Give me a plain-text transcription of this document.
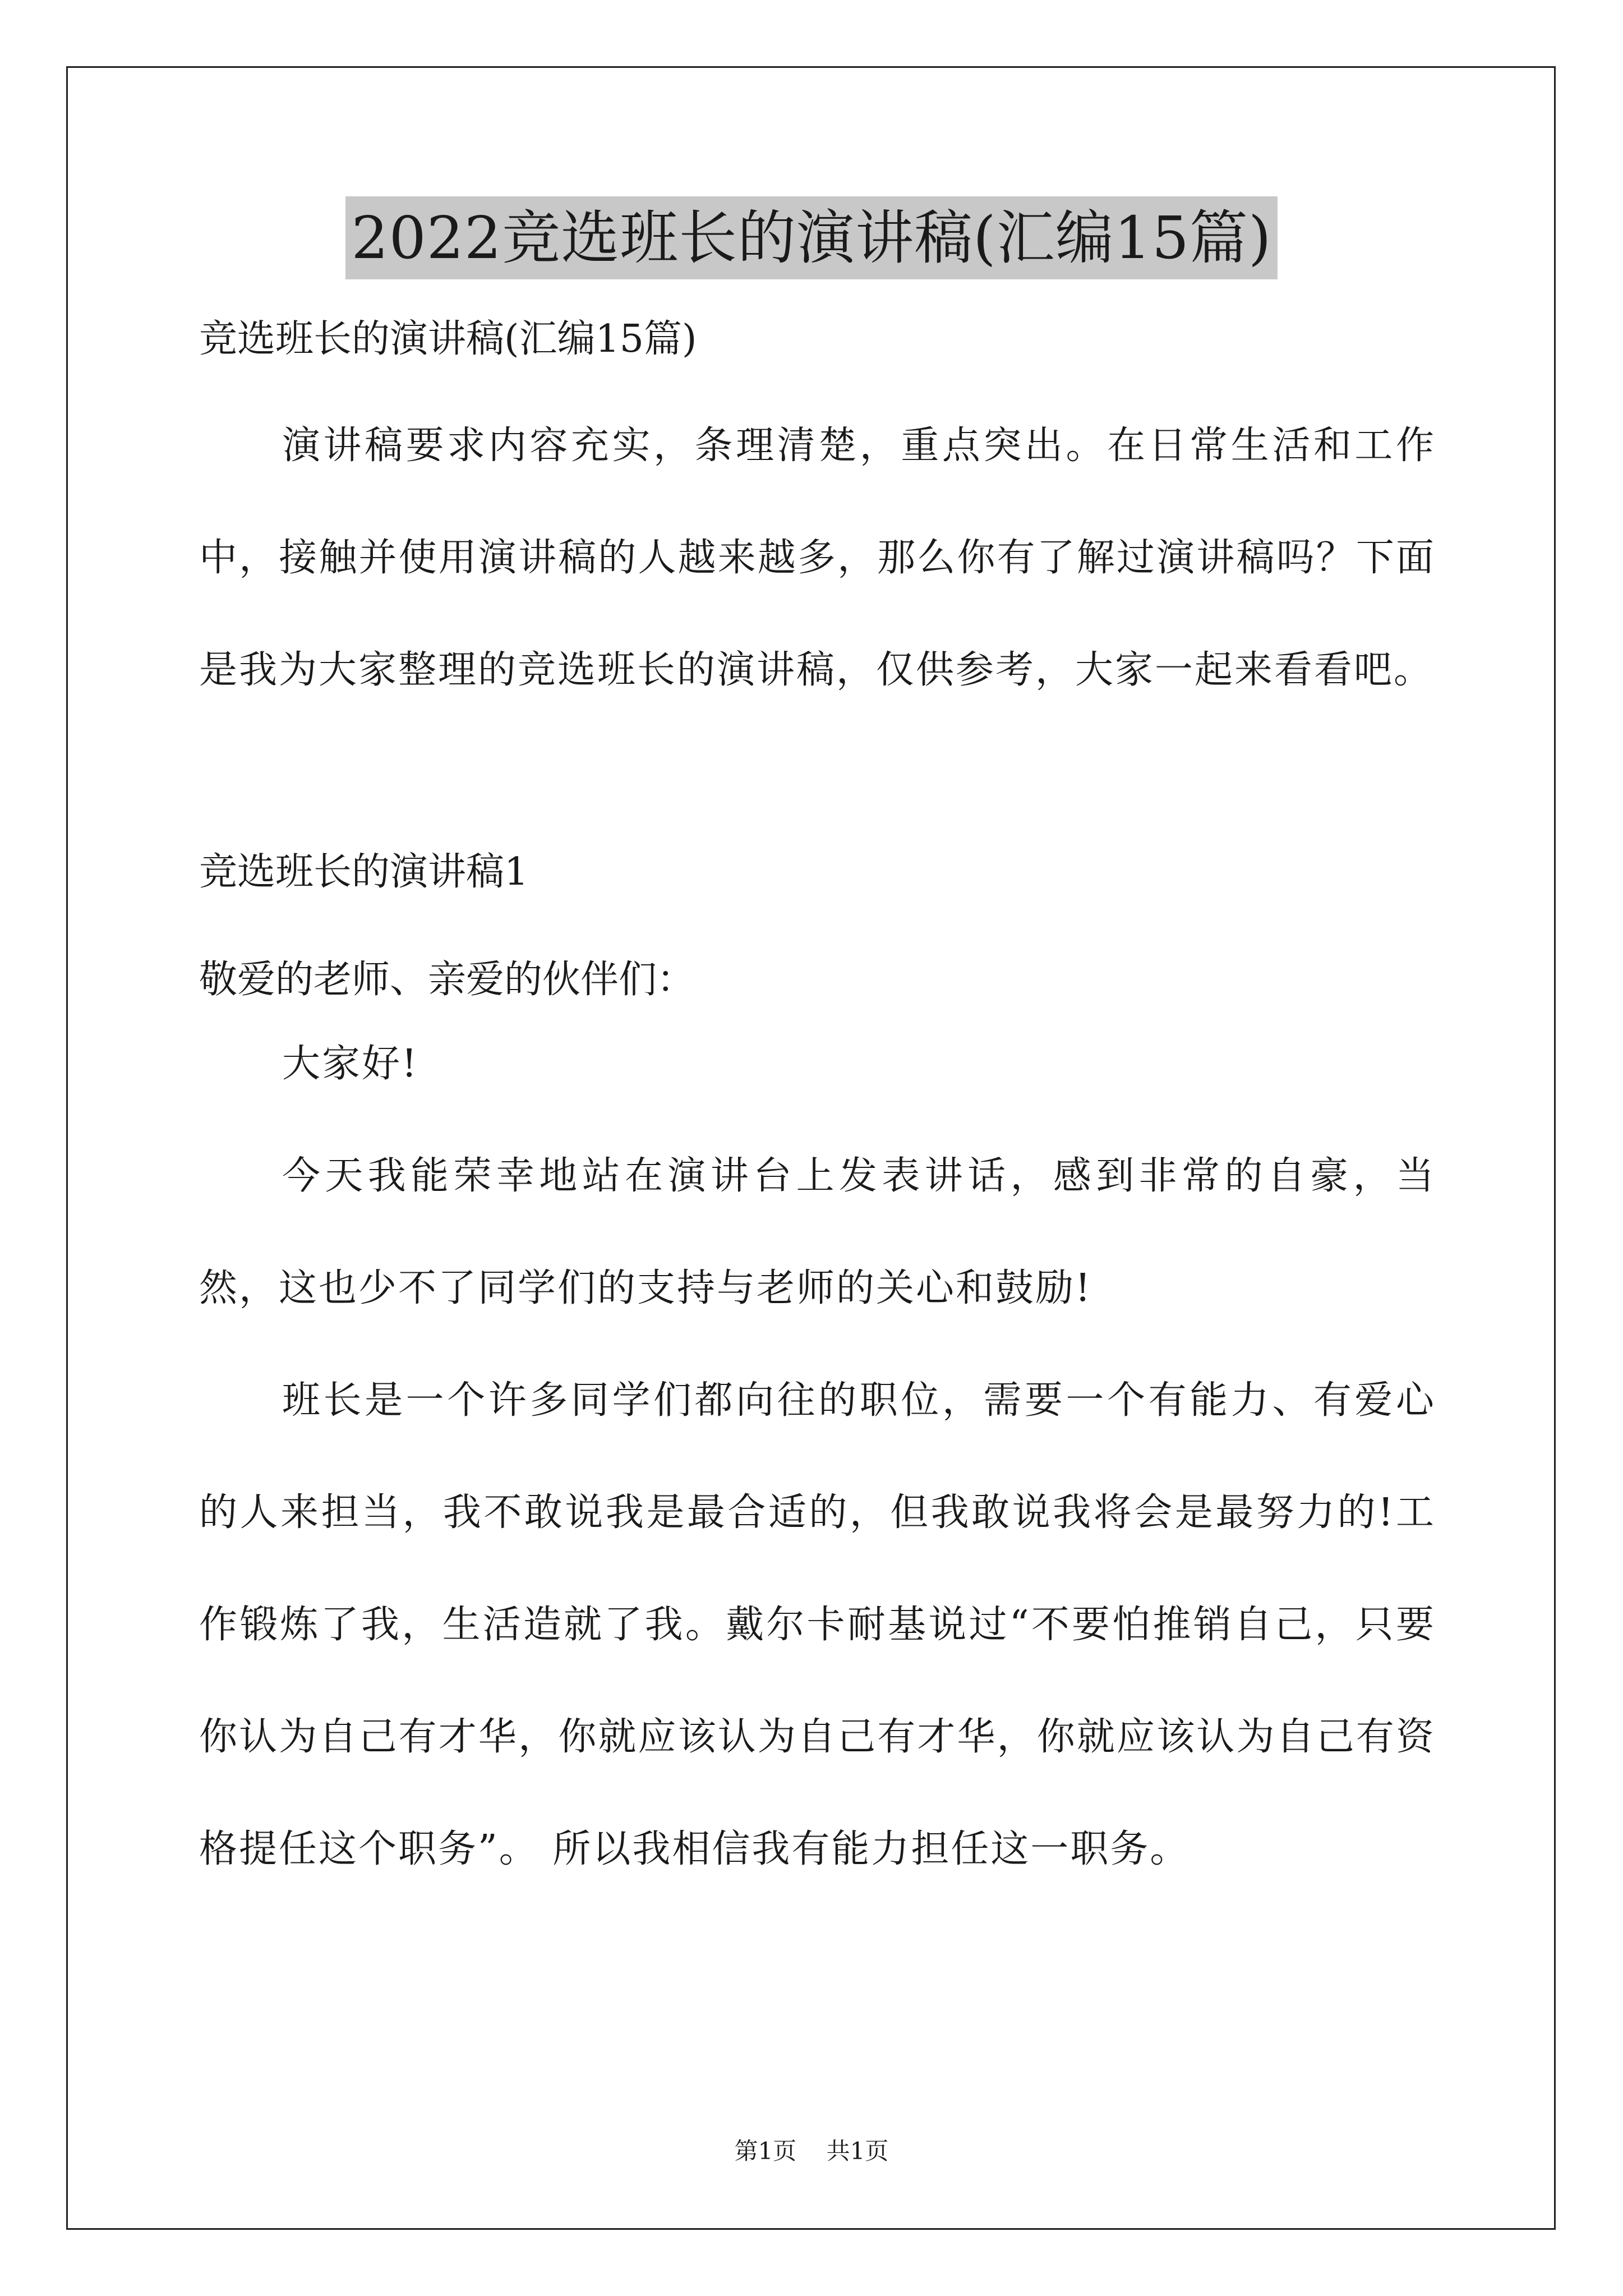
2022竞选班长的演讲稿(汇编15篇)
竞选班长的演讲稿(汇编15篇)

演讲稿要求内容充实，条理清楚，重点突出。在日常生活和工作中，接触并使用演讲稿的人越来越多，那么你有了解过演讲稿吗？下面是我为大家整理的竞选班长的演讲稿，仅供参考，大家一起来看看吧。

竞选班长的演讲稿1
敬爱的老师、亲爱的伙伴们：

大家好!

今天我能荣幸地站在演讲台上发表讲话，感到非常的自豪，当然，这也少不了同学们的支持与老师的关心和鼓励!

班长是一个许多同学们都向往的职位，需要一个有能力、有爱心的人来担当，我不敢说我是最合适的，但我敢说我将会是最努力的!工作锻炼了我，生活造就了我。戴尔卡耐基说过“不要怕推销自己，只要你认为自己有才华，你就应该认为自己有才华，你就应该认为自己有资格提任这个职务”。 所以我相信我有能力担任这一职务。

第1页 共1页
